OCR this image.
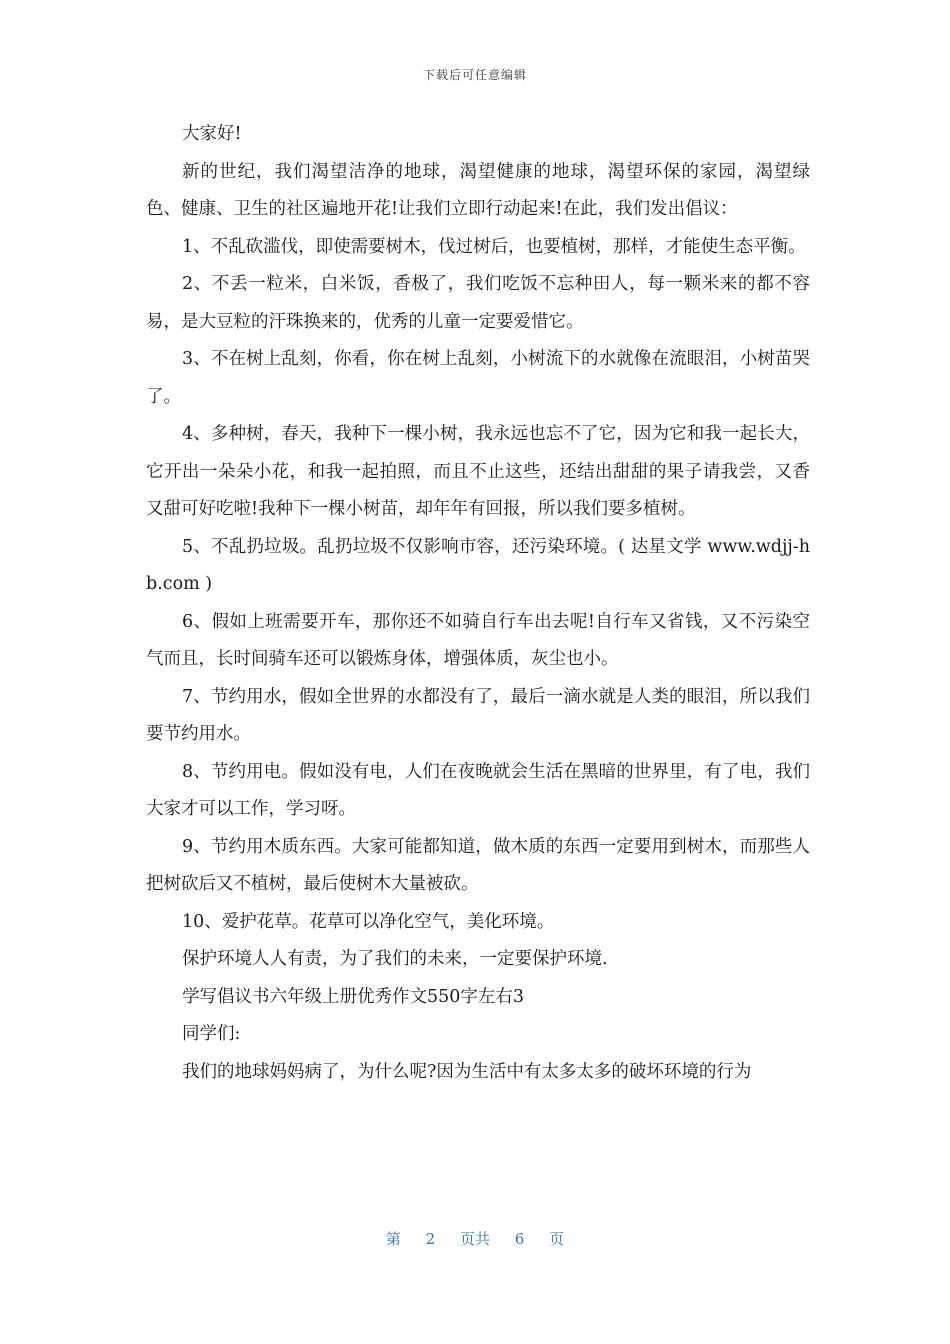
下载后可任意编辑

大家好!

新的世纪，我们渴望洁净的地球，渴望健康的地球，渴望环保的家园，渴望绿色、健康、卫生的社区遍地开花!让我们立即行动起来!在此，我们发出倡议：

1、不乱砍滥伐，即使需要树木，伐过树后，也要植树，那样，才能使生态平衡。

2、不丢一粒米，白米饭，香极了，我们吃饭不忘种田人，每一颗米来的都不容易，是大豆粒的汗珠换来的，优秀的儿童一定要爱惜它。

3、不在树上乱刻，你看，你在树上乱刻，小树流下的水就像在流眼泪，小树苗哭了。

4、多种树，春天，我种下一棵小树，我永远也忘不了它，因为它和我一起长大，它开出一朵朵小花，和我一起拍照，而且不止这些，还结出甜甜的果子请我尝，又香又甜可好吃啦!我种下一棵小树苗，却年年有回报，所以我们要多植树。

5、不乱扔垃圾。乱扔垃圾不仅影响市容，还污染环境。( 达星文学 www.wdjj-hb.com )

6、假如上班需要开车，那你还不如骑自行车出去呢!自行车又省钱，又不污染空气而且，长时间骑车还可以锻炼身体，增强体质，灰尘也小。

7、节约用水，假如全世界的水都没有了，最后一滴水就是人类的眼泪，所以我们要节约用水。

8、节约用电。假如没有电，人们在夜晚就会生活在黑暗的世界里，有了电，我们大家才可以工作，学习呀。

9、节约用木质东西。大家可能都知道，做木质的东西一定要用到树木，而那些人把树砍后又不植树，最后使树木大量被砍。

10、爱护花草。花草可以净化空气，美化环境。

保护环境人人有责，为了我们的未来，一定要保护环境.

学写倡议书六年级上册优秀作文550字左右3

同学们:

我们的地球妈妈病了，为什么呢?因为生活中有太多太多的破坏环境的行为

第 2 页共 6 页
